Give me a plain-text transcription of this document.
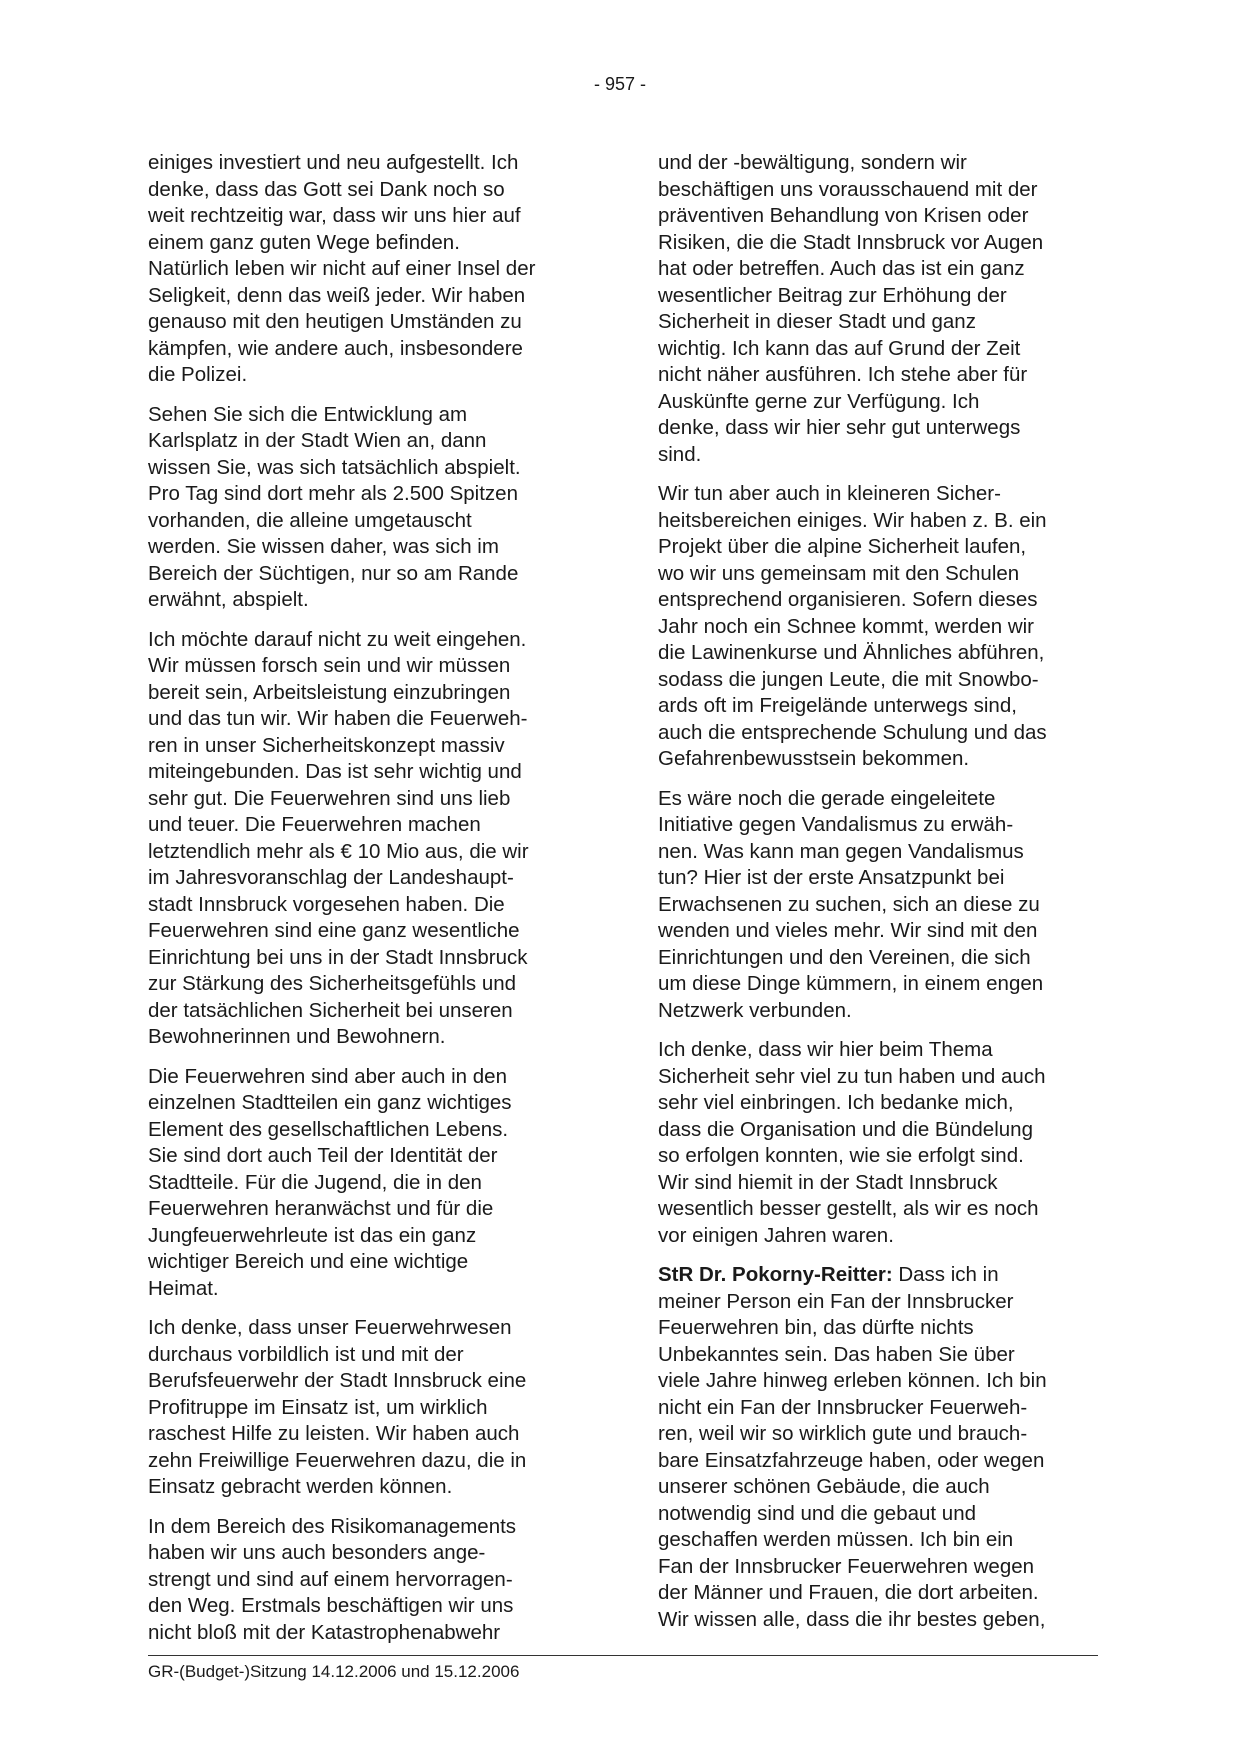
- 957 -

einiges investiert und neu aufgestellt. Ich
denke, dass das Gott sei Dank noch so
weit rechtzeitig war, dass wir uns hier auf
einem ganz guten Wege befinden.
Natürlich leben wir nicht auf einer Insel der
Seligkeit, denn das weiß jeder. Wir haben
genauso mit den heutigen Umständen zu
kämpfen, wie andere auch, insbesondere
die Polizei.

Sehen Sie sich die Entwicklung am
Karlsplatz in der Stadt Wien an, dann
wissen Sie, was sich tatsächlich abspielt.
Pro Tag sind dort mehr als 2.500 Spitzen
vorhanden, die alleine umgetauscht
werden. Sie wissen daher, was sich im
Bereich der Süchtigen, nur so am Rande
erwähnt, abspielt.

Ich möchte darauf nicht zu weit eingehen.
Wir müssen forsch sein und wir müssen
bereit sein, Arbeitsleistung einzubringen
und das tun wir. Wir haben die Feuerweh-
ren in unser Sicherheitskonzept massiv
miteingebunden. Das ist sehr wichtig und
sehr gut. Die Feuerwehren sind uns lieb
und teuer. Die Feuerwehren machen
letztendlich mehr als € 10 Mio aus, die wir
im Jahresvoranschlag der Landeshaupt-
stadt Innsbruck vorgesehen haben. Die
Feuerwehren sind eine ganz wesentliche
Einrichtung bei uns in der Stadt Innsbruck
zur Stärkung des Sicherheitsgefühls und
der tatsächlichen Sicherheit bei unseren
Bewohnerinnen und Bewohnern.

Die Feuerwehren sind aber auch in den
einzelnen Stadtteilen ein ganz wichtiges
Element des gesellschaftlichen Lebens.
Sie sind dort auch Teil der Identität der
Stadtteile. Für die Jugend, die in den
Feuerwehren heranwächst und für die
Jungfeuerwehrleute ist das ein ganz
wichtiger Bereich und eine wichtige
Heimat.

Ich denke, dass unser Feuerwehrwesen
durchaus vorbildlich ist und mit der
Berufsfeuerwehr der Stadt Innsbruck eine
Profitruppe im Einsatz ist, um wirklich
raschest Hilfe zu leisten. Wir haben auch
zehn Freiwillige Feuerwehren dazu, die in
Einsatz gebracht werden können.

In dem Bereich des Risikomanagements
haben wir uns auch besonders ange-
strengt und sind auf einem hervorragen-
den Weg. Erstmals beschäftigen wir uns
nicht bloß mit der Katastrophenabwehr

und der -bewältigung, sondern wir
beschäftigen uns vorausschauend mit der
präventiven Behandlung von Krisen oder
Risiken, die die Stadt Innsbruck vor Augen
hat oder betreffen. Auch das ist ein ganz
wesentlicher Beitrag zur Erhöhung der
Sicherheit in dieser Stadt und ganz
wichtig. Ich kann das auf Grund der Zeit
nicht näher ausführen. Ich stehe aber für
Auskünfte gerne zur Verfügung. Ich
denke, dass wir hier sehr gut unterwegs
sind.

Wir tun aber auch in kleineren Sicher-
heitsbereichen einiges. Wir haben z. B. ein
Projekt über die alpine Sicherheit laufen,
wo wir uns gemeinsam mit den Schulen
entsprechend organisieren. Sofern dieses
Jahr noch ein Schnee kommt, werden wir
die Lawinenkurse und Ähnliches abführen,
sodass die jungen Leute, die mit Snowbo-
ards oft im Freigelände unterwegs sind,
auch die entsprechende Schulung und das
Gefahrenbewusstsein bekommen.

Es wäre noch die gerade eingeleitete
Initiative gegen Vandalismus zu erwäh-
nen. Was kann man gegen Vandalismus
tun? Hier ist der erste Ansatzpunkt bei
Erwachsenen zu suchen, sich an diese zu
wenden und vieles mehr. Wir sind mit den
Einrichtungen und den Vereinen, die sich
um diese Dinge kümmern, in einem engen
Netzwerk verbunden.

Ich denke, dass wir hier beim Thema
Sicherheit sehr viel zu tun haben und auch
sehr viel einbringen. Ich bedanke mich,
dass die Organisation und die Bündelung
so erfolgen konnten, wie sie erfolgt sind.
Wir sind hiemit in der Stadt Innsbruck
wesentlich besser gestellt, als wir es noch
vor einigen Jahren waren.

StR Dr. Pokorny-Reitter: Dass ich in
meiner Person ein Fan der Innsbrucker
Feuerwehren bin, das dürfte nichts
Unbekanntes sein. Das haben Sie über
viele Jahre hinweg erleben können. Ich bin
nicht ein Fan der Innsbrucker Feuerweh-
ren, weil wir so wirklich gute und brauch-
bare Einsatzfahrzeuge haben, oder wegen
unserer schönen Gebäude, die auch
notwendig sind und die gebaut und
geschaffen werden müssen. Ich bin ein
Fan der Innsbrucker Feuerwehren wegen
der Männer und Frauen, die dort arbeiten.
Wir wissen alle, dass die ihr bestes geben,

GR-(Budget-)Sitzung 14.12.2006 und 15.12.2006
